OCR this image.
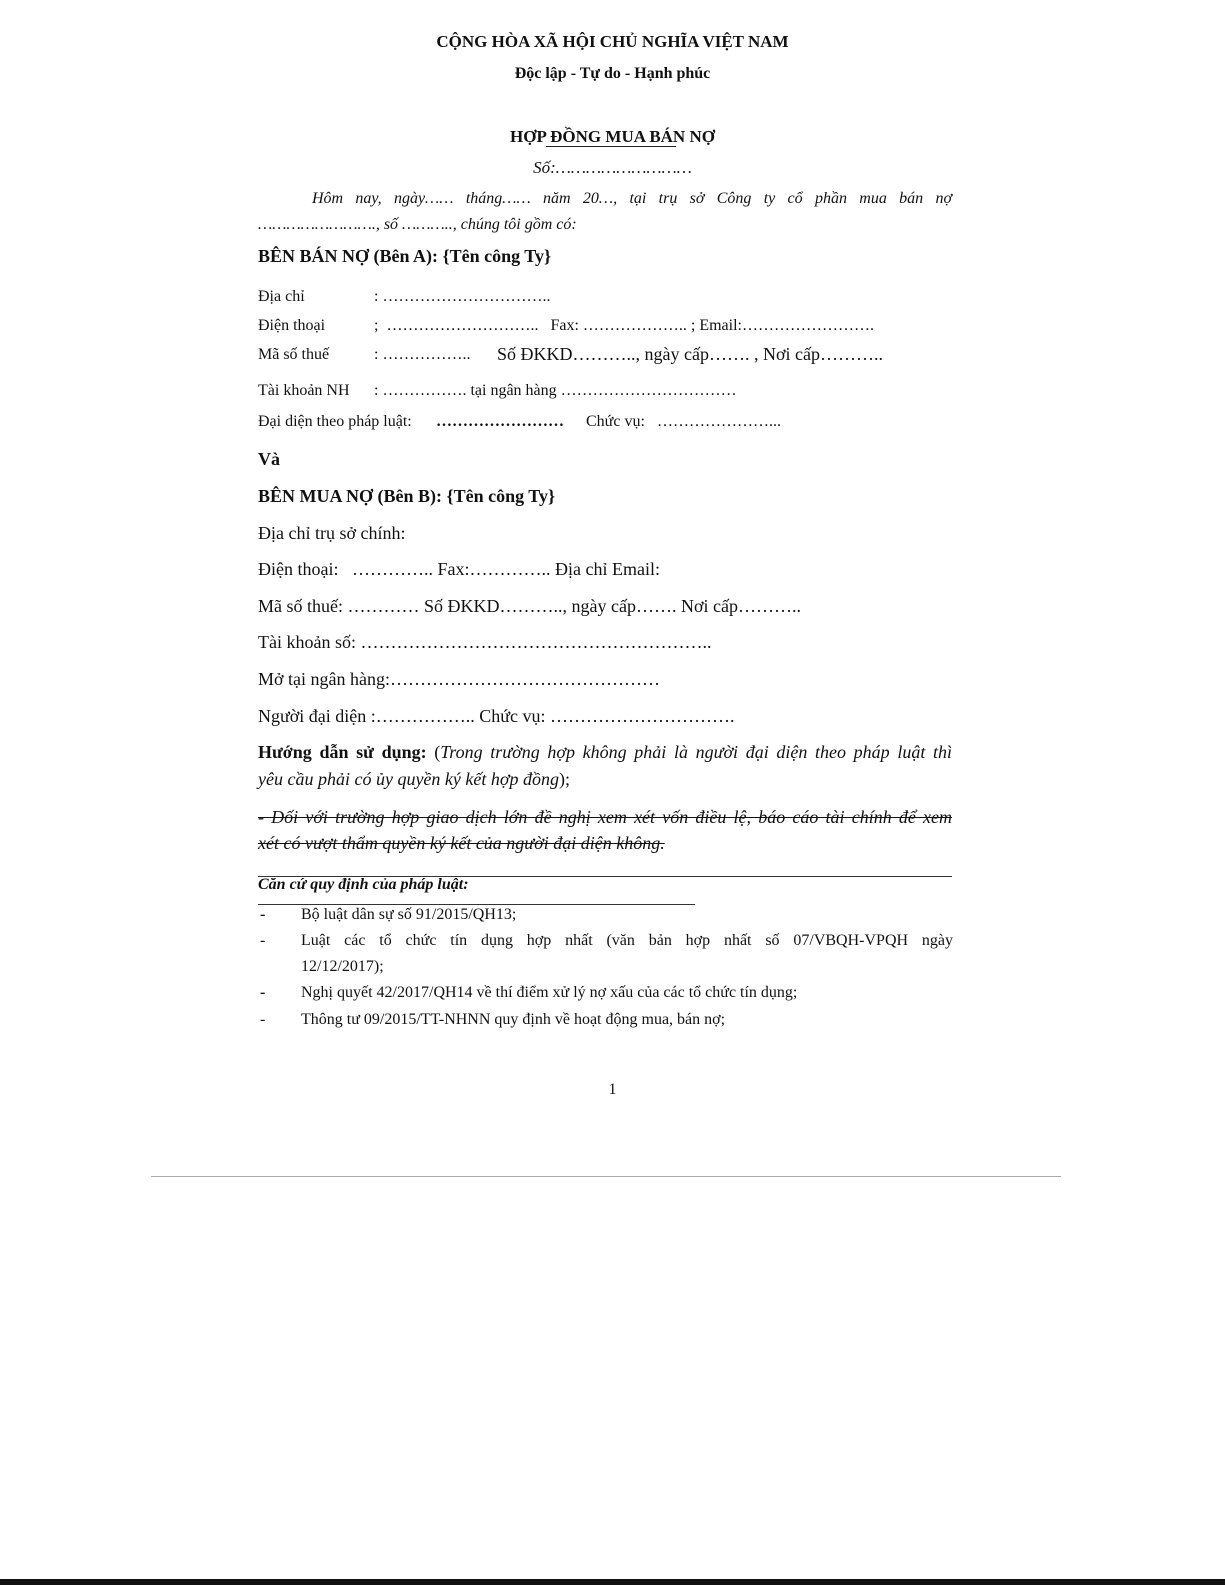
CỘNG HÒA XÃ HỘI CHỦ NGHĨA VIỆT NAM
Độc lập - Tự do - Hạnh phúc
HỢP ĐỒNG MUA BÁN NỢ
Số:………………………
Hôm nay, ngày…… tháng…… năm 20…, tại trụ sở Công ty cổ phần mua bán nợ
……………………., số ……….., chúng tôi gồm có:
BÊN BÁN NỢ (Bên A): {Tên công Ty}
Địa chỉ	: …………………………..
Điện thoại	;  ………………………..   Fax: ……………….. ; Email:…………………….
Mã số thuế	: …………….. Số ĐKKD……….., ngày cấp……. , Nơi cấp………..
Tài khoản NH : ……………. tại ngân hàng ……………………………
Đại diện theo pháp luật: …………………… Chức vụ: …………………...
Và
BÊN MUA NỢ (Bên B): {Tên công Ty}
Địa chỉ trụ sở chính:
Điện thoại:   ………….. Fax:………….. Địa chỉ Email:
Mã số thuế: ………… Số ĐKKD……….., ngày cấp……. Nơi cấp………..
Tài khoản số: …………………………………………………..
Mở tại ngân hàng:………………………………………
Người đại diện :…………….. Chức vụ: ………………………….
Hướng dẫn sử dụng: (Trong trường hợp không phải là người đại diện theo pháp luật thì
yêu cầu phải có ủy quyền ký kết hợp đồng);
- Đối với trường hợp giao dịch lớn đề nghị xem xét vốn điều lệ, báo cáo tài chính để xem
xét có vượt thẩm quyền ký kết của người đại diện không.
Căn cứ quy định của pháp luật:
- Bộ luật dân sự số 91/2015/QH13;
- Luật các tổ chức tín dụng hợp nhất (văn bản hợp nhất số 07/VBQH-VPQH ngày
12/12/2017);
- Nghị quyết 42/2017/QH14 về thí điểm xử lý nợ xấu của các tổ chức tín dụng;
- Thông tư 09/2015/TT-NHNN quy định về hoạt động mua, bán nợ;
1
